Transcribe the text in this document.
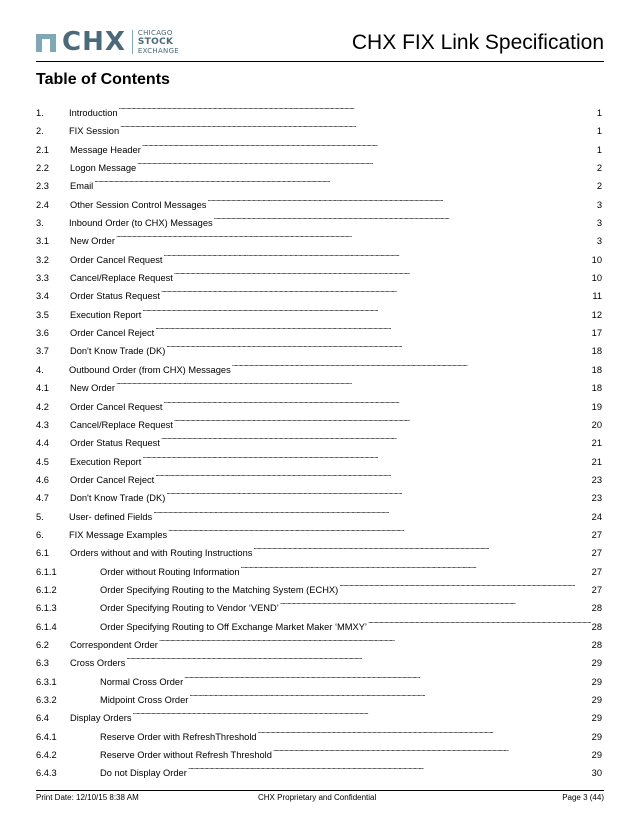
CHX CHICAGO
STOCK
EXCHANGE	CHX FIX Link Specification
Table of Contents
1.	Introduction . . .	1
2.	FIX Session . . .	1
2.1	Message Header . . .	1
2.2	Logon Message . . .	2
2.3	Email . . .	2
2.4	Other Session Control Messages . . .	3
3.	Inbound Order (to CHX) Messages . . .	3
3.1	New Order . . .	3
3.2	Order Cancel Request . . .	10
3.3	Cancel/Replace Request . . .	10
3.4	Order Status Request . . .	11
3.5	Execution Report . . .	12
3.6	Order Cancel Reject . . .	17
3.7	Don't Know Trade (DK) . . .	18
4.	Outbound Order (from CHX) Messages . . .	18
4.1	New Order . . .	18
4.2	Order Cancel Request . . .	19
4.3	Cancel/Replace Request . . .	20
4.4	Order Status Request . . .	21
4.5	Execution Report . . .	21
4.6	Order Cancel Reject . . .	23
4.7	Don't Know Trade (DK) . . .	23
5.	User- defined Fields . . .	24
6.	FIX Message Examples . . .	27
6.1	Orders without and with Routing Instructions . . .	27
6.1.1	Order without Routing Information . . .	27
6.1.2	Order Specifying Routing to the Matching System (ECHX) . . .	27
6.1.3	Order Specifying Routing to Vendor ‘VEND’ . . .	28
6.1.4	Order Specifying Routing to Off Exchange Market Maker ‘MMXY’ . . .	28
6.2	Correspondent Order . . .	28
6.3	Cross Orders . . .	29
6.3.1	Normal Cross Order . . .	29
6.3.2	Midpoint Cross Order . . .	29
6.4	Display Orders . . .	29
6.4.1	Reserve Order with RefreshThreshold . . .	29
6.4.2	Reserve Order without Refresh Threshold . . .	29
6.4.3	Do not Display Order . . .	30
Print Date: 12/10/15 8:38 AM	CHX Proprietary and Confidential	Page 3 (44)
